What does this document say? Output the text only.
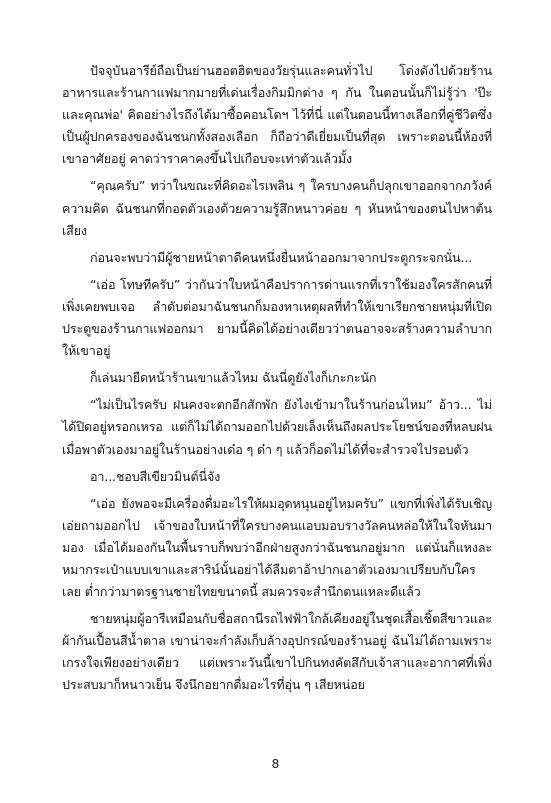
ปัจจุบันอารีย์ถือเป็นย่านฮอตฮิตของวัยรุ่นและคนทั่วไป โด่งดังไปด้วยร้านอาหารและร้านกาแฟมากมายที่เด่นเรื่องกิมมิกต่าง ๆ กัน ในตอนนั้นก็ไม่รู้ว่า 'ป๊ะและคุณพ่อ' คิดอย่างไรถึงได้มาซื้อคอนโดฯ ไว้ที่นี่ แต่ในตอนนี้ทางเลือกที่คู่ชีวิตซึ่งเป็นผู้ปกครองของฉันชนกทั้งสองเลือก ก็ถือว่าดีเยี่ยมเป็นที่สุด เพราะตอนนี้ห้องที่เขาอาศัยอยู่ คาดว่าราคาคงขึ้นไปเกือบจะเท่าตัวแล้วมั้ง

“คุณครับ” ทว่าในขณะที่คิดอะไรเพลิน ๆ ใครบางคนก็ปลุกเขาออกจากภวังค์ความคิด ฉันชนกที่กอดตัวเองด้วยความรู้สึกหนาวค่อย ๆ หันหน้าของตนไปหาต้นเสียง

ก่อนจะพบว่ามีผู้ชายหน้าตาดีคนหนึ่งยื่นหน้าออกมาจากประตูกระจกนั่น...

“เอ่อ โทษทีครับ” ว่ากันว่าใบหน้าคือปราการด่านแรกที่เราใช้มองใครสักคนที่เพิ่งเคยพบเจอ ลำดับต่อมาฉันชนกก็มองหาเหตุผลที่ทำให้เขาเรียกชายหนุ่มที่เปิดประตูของร้านกาแฟออกมา ยามนี้คิดได้อย่างเดียวว่าตนอาจจะสร้างความลำบากให้เขาอยู่

ก็เล่นมายืดหน้าร้านเขาแล้วไหม ฉันนี่ดูยังไงก็เกะกะนัก

“ไม่เป็นไรครับ ฝนคงจะตกอีกสักพัก ยังไงเข้ามาในร้านก่อนไหม” อ้าว... ไม่ได้ปิดอยู่หรอกเหรอ แต่ก็ไม่ได้ถามออกไปด้วยเล็งเห็นถึงผลประโยชน์ของที่หลบฝน เมื่อพาตัวเองมาอยู่ในร้านอย่างเด๋อ ๆ ด๋า ๆ แล้วก็อดไม่ได้ที่จะสำรวจไปรอบตัว

อา...ชอบสีเขียวมินต์นี่จัง

“เอ่อ ยังพอจะมีเครื่องดื่มอะไรให้ผมอุดหนุนอยู่ไหมครับ” แขกที่เพิ่งได้รับเชิญเอ่ยถามออกไป เจ้าของใบหน้าที่ใครบางคนแอบมอบรางวัลคนหล่อให้ในใจหันมามอง เมื่อได้มองกันในพื้นราบก็พบว่าอีกฝ่ายสูงกว่าฉันชนกอยู่มาก แต่นั่นก็แหงละ หมากระเป๋าแบบเขาและสาริน์นั้นอย่าได้ลืมตาอ้าปากเอาตัวเองมาเปรียบกับใครเลย ต่ำกว่ามาตรฐานชายไทยขนาดนี้ สมควรจะสำนึกตนแหละดีแล้ว

ชายหนุ่มผู้อารีเหมือนกับชื่อสถานีรถไฟฟ้าใกล้เคียงอยู่ในชุดเสื้อเชิ้ตสีขาวและผ้ากันเปื้อนสีน้ำตาล เขาน่าจะกำลังเก็บล้างอุปกรณ์ของร้านอยู่ ฉันไม่ได้ถามเพราะเกรงใจเพียงอย่างเดียว แต่เพราะวันนี้เขาไปกินทงคัตสึกับเจ้าสาและอากาศที่เพิ่งประสบมาก็หนาวเย็น จึงนึกอยากดื่มอะไรที่อุ่น ๆ เสียหน่อย

8
